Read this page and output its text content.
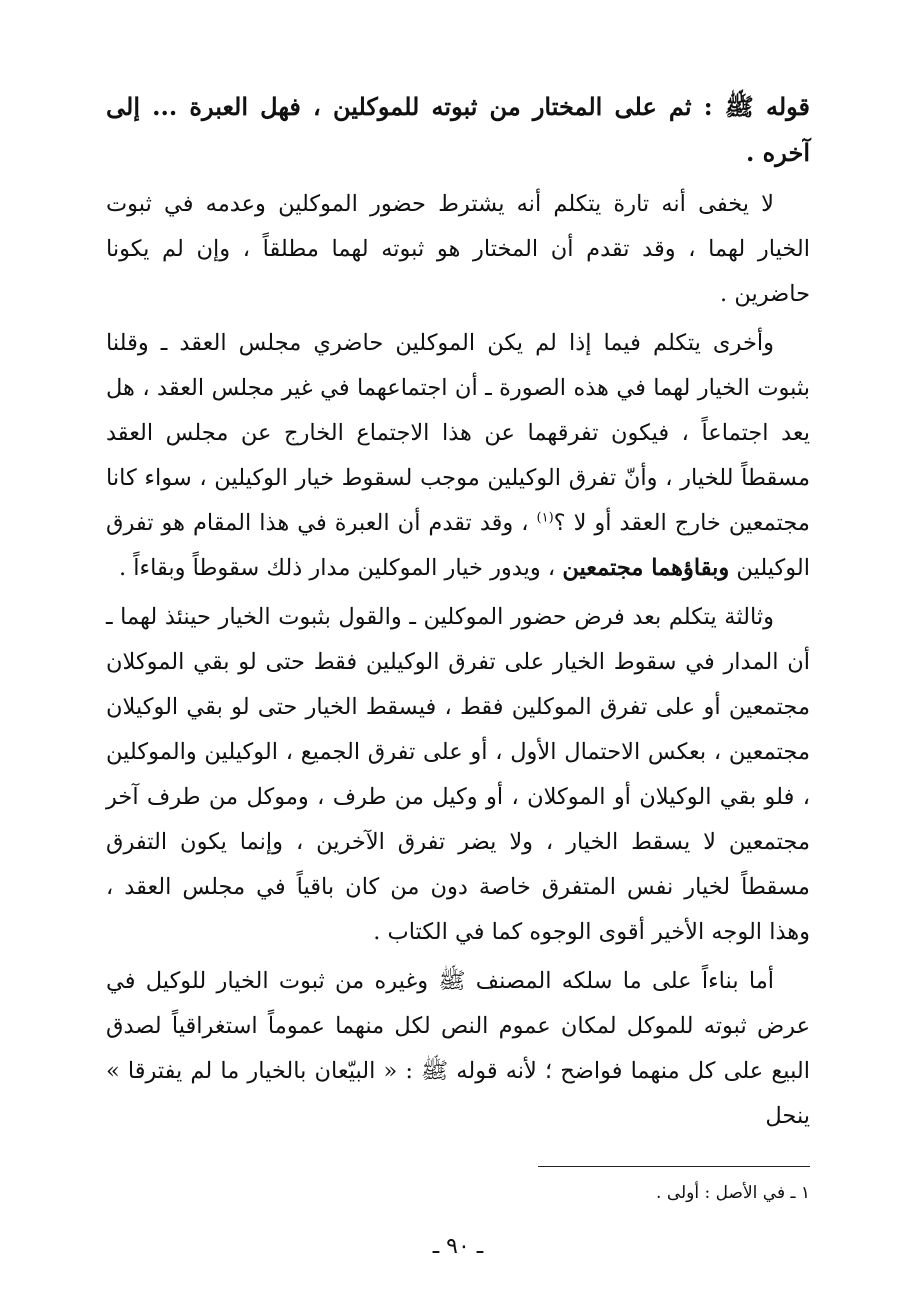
قوله ﷺ : ثم على المختار من ثبوته للموكلين ، فهل العبرة ... إلى آخره .

لا يخفى أنه تارة يتكلم أنه يشترط حضور الموكلين وعدمه في ثبوت الخيار لهما ، وقد تقدم أن المختار هو ثبوته لهما مطلقاً ، وإن لم يكونا حاضرين .

وأخرى يتكلم فيما إذا لم يكن الموكلين حاضري مجلس العقد ـ وقلنا بثبوت الخيار لهما في هذه الصورة ـ أن اجتماعهما في غير مجلس العقد ، هل يعد اجتماعاً ، فيكون تفرقهما عن هذا الاجتماع الخارج عن مجلس العقد مسقطاً للخيار ، وأنّ تفرق الوكيلين موجب لسقوط خيار الوكيلين ، سواء كانا مجتمعين خارج العقد أو لا ؟$^{(١)}$ ، وقد تقدم أن العبرة في هذا المقام هو تفرق الوكيلين وبقاؤهما مجتمعين ، ويدور خيار الموكلين مدار ذلك سقوطاً وبقاءاً .

وثالثة يتكلم بعد فرض حضور الموكلين ـ والقول بثبوت الخيار حينئذ لهما ـ أن المدار في سقوط الخيار على تفرق الوكيلين فقط حتى لو بقي الموكلان مجتمعين أو على تفرق الموكلين فقط ، فيسقط الخيار حتى لو بقي الوكيلان مجتمعين ، بعكس الاحتمال الأول ، أو على تفرق الجميع ، الوكيلين والموكلين ، فلو بقي الوكيلان أو الموكلان ، أو وكيل من طرف ، وموكل من طرف آخر مجتمعين لا يسقط الخيار ، ولا يضر تفرق الآخرين ، وإنما يكون التفرق مسقطاً لخيار نفس المتفرق خاصة دون من كان باقياً في مجلس العقد ، وهذا الوجه الأخير أقوى الوجوه كما في الكتاب .

أما بناءاً على ما سلكه المصنف ﷺ وغيره من ثبوت الخيار للوكيل في عرض ثبوته للموكل لمكان عموم النص لكل منهما عموماً استغراقياً لصدق البيع على كل منهما فواضح ؛ لأنه قوله ﷺ : « البيّعان بالخيار ما لم يفترقا » ينحل

١ ـ في الأصل : أولى .
ـ ٩٠ ـ
